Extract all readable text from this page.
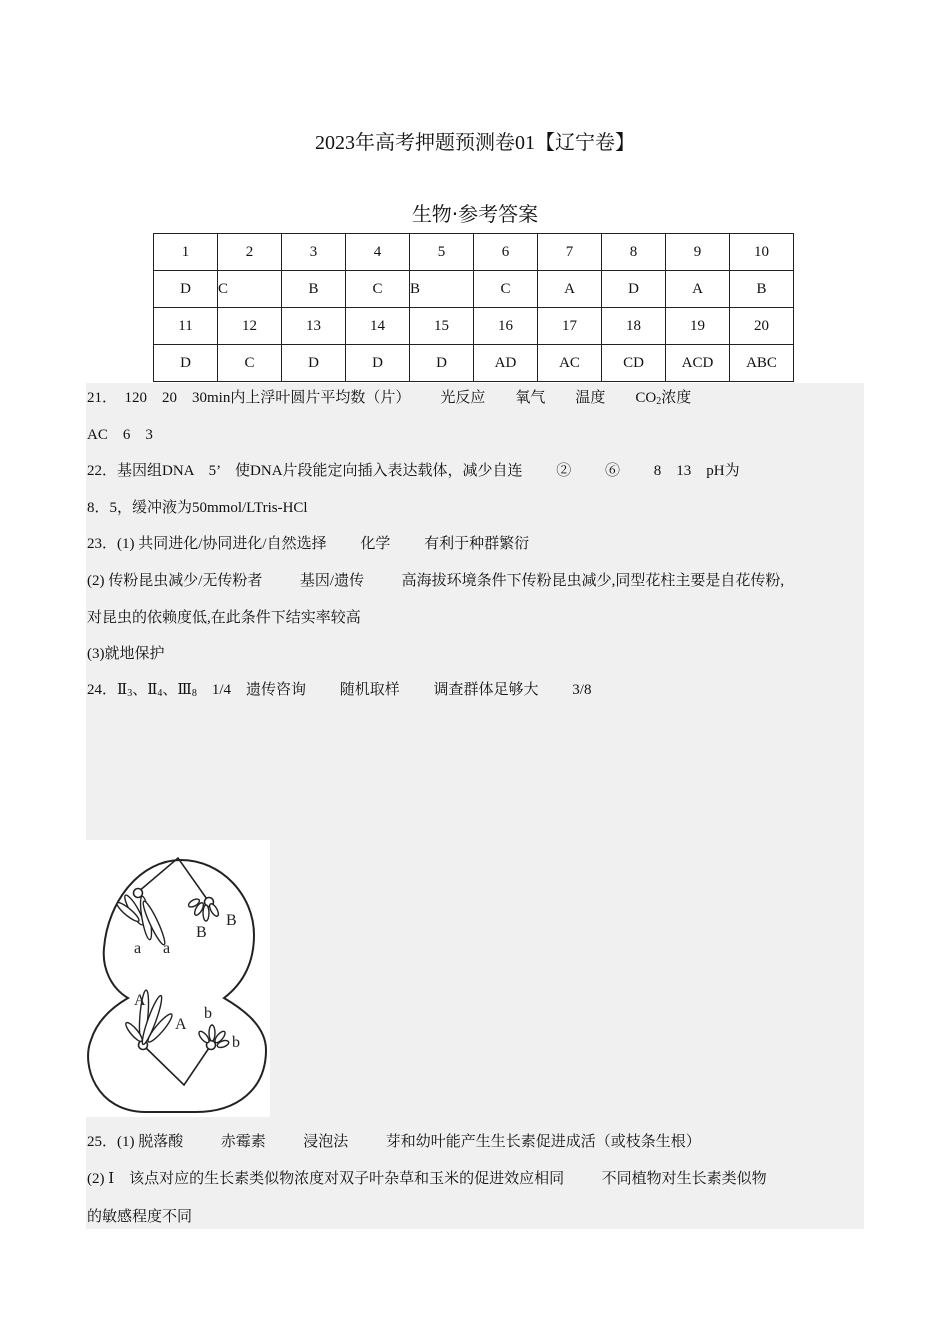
2023年高考押题预测卷01【辽宁卷】
生物·参考答案
1	2	3	4	5	6	7	8	9	10
D	C	B	C	B	C	A	D	A	B
11	12	13	14	15	16	17	18	19	20
D	C	D	D	D	AD	AC	CD	ACD	ABC
21．  120    20    30min内上浮叶圆片平均数（片）        光反应        氧气        温度        $CO_2$浓度
AC    6    3
22．基因组DNA    5’    使DNA片段能定向插入表达载体，减少自连         ②         ⑥         8    13    pH为
8．5，缓冲液为50mmol/LTris-HCl
23．(1) 共同进化/协同进化/自然选择         化学         有利于种群繁衍
(2) 传粉昆虫减少/无传粉者          基因/遗传          高海拔环境条件下传粉昆虫减少,同型花柱主要是自花传粉,
对昆虫的依赖度低,在此条件下结实率较高
(3)就地保护
24．$Ⅱ_3$、$Ⅱ_4$、$Ⅲ_8$    1/4    遗传咨询         随机取样         调查群体足够大         3/8
a a
B
B
A
A
b
b
25．(1) 脱落酸          赤霉素          浸泡法          芽和幼叶能产生生长素促进成活（或枝条生根）
(2) Ⅰ    该点对应的生长素类似物浓度对双子叶杂草和玉米的促进效应相同          不同植物对生长素类似物
的敏感程度不同
